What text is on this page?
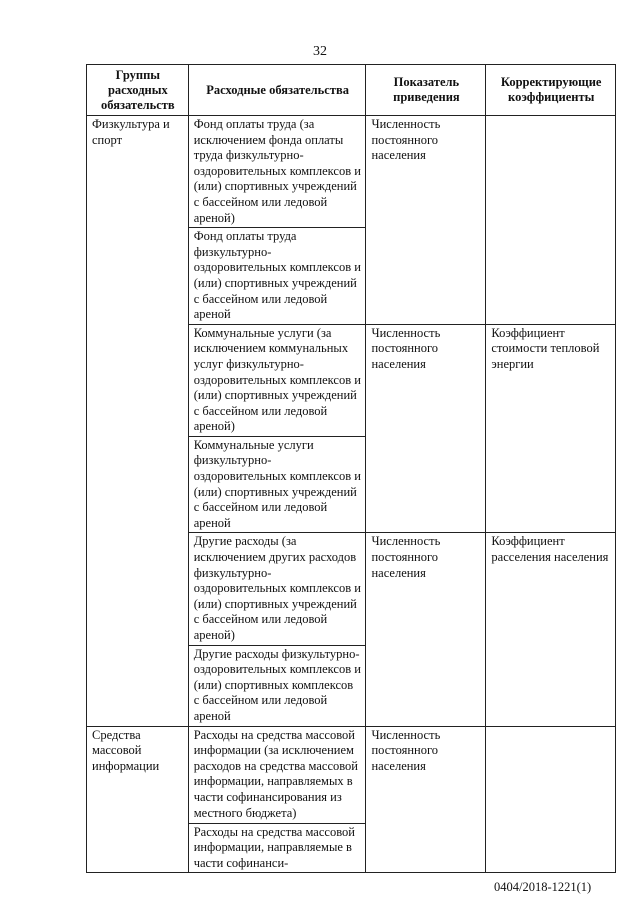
32
Группы расходных обязательств	Расходные обязательства	Показатель приведения	Корректирующие коэффициенты
Физкультура и спорт	Фонд оплаты труда (за исключением фонда оплаты труда физкультурно-оздоровительных комплексов и (или) спортивных учреждений с бассейном или ледовой ареной)	Численность постоянного населения	
	Фонд оплаты труда физкультурно-оздоровительных комплексов и (или) спортивных учреждений с бассейном или ледовой ареной		
	Коммунальные услуги (за исключением коммунальных услуг физкультурно-оздоровительных комплексов и (или) спортивных учреждений с бассейном или ледовой ареной)	Численность постоянного населения	Коэффициент стоимости тепловой энергии
	Коммунальные услуги физкультурно-оздоровительных комплексов и (или) спортивных учреждений с бассейном или ледовой ареной		
	Другие расходы (за исключением других расходов физкультурно-оздоровительных комплексов и (или) спортивных учреждений с бассейном или ледовой ареной)	Численность постоянного населения	Коэффициент расселения населения
	Другие расходы физкультурно-оздоровительных комплексов и (или) спортивных комплексов с бассейном или ледовой ареной		
Средства массовой информации	Расходы на средства массовой информации (за исключением расходов на средства массовой информации, направляемых в части софинансирования из местного бюджета)	Численность постоянного населения	
	Расходы на средства массовой информации, направляемые в части софинанси-		
0404/2018-1221(1)
